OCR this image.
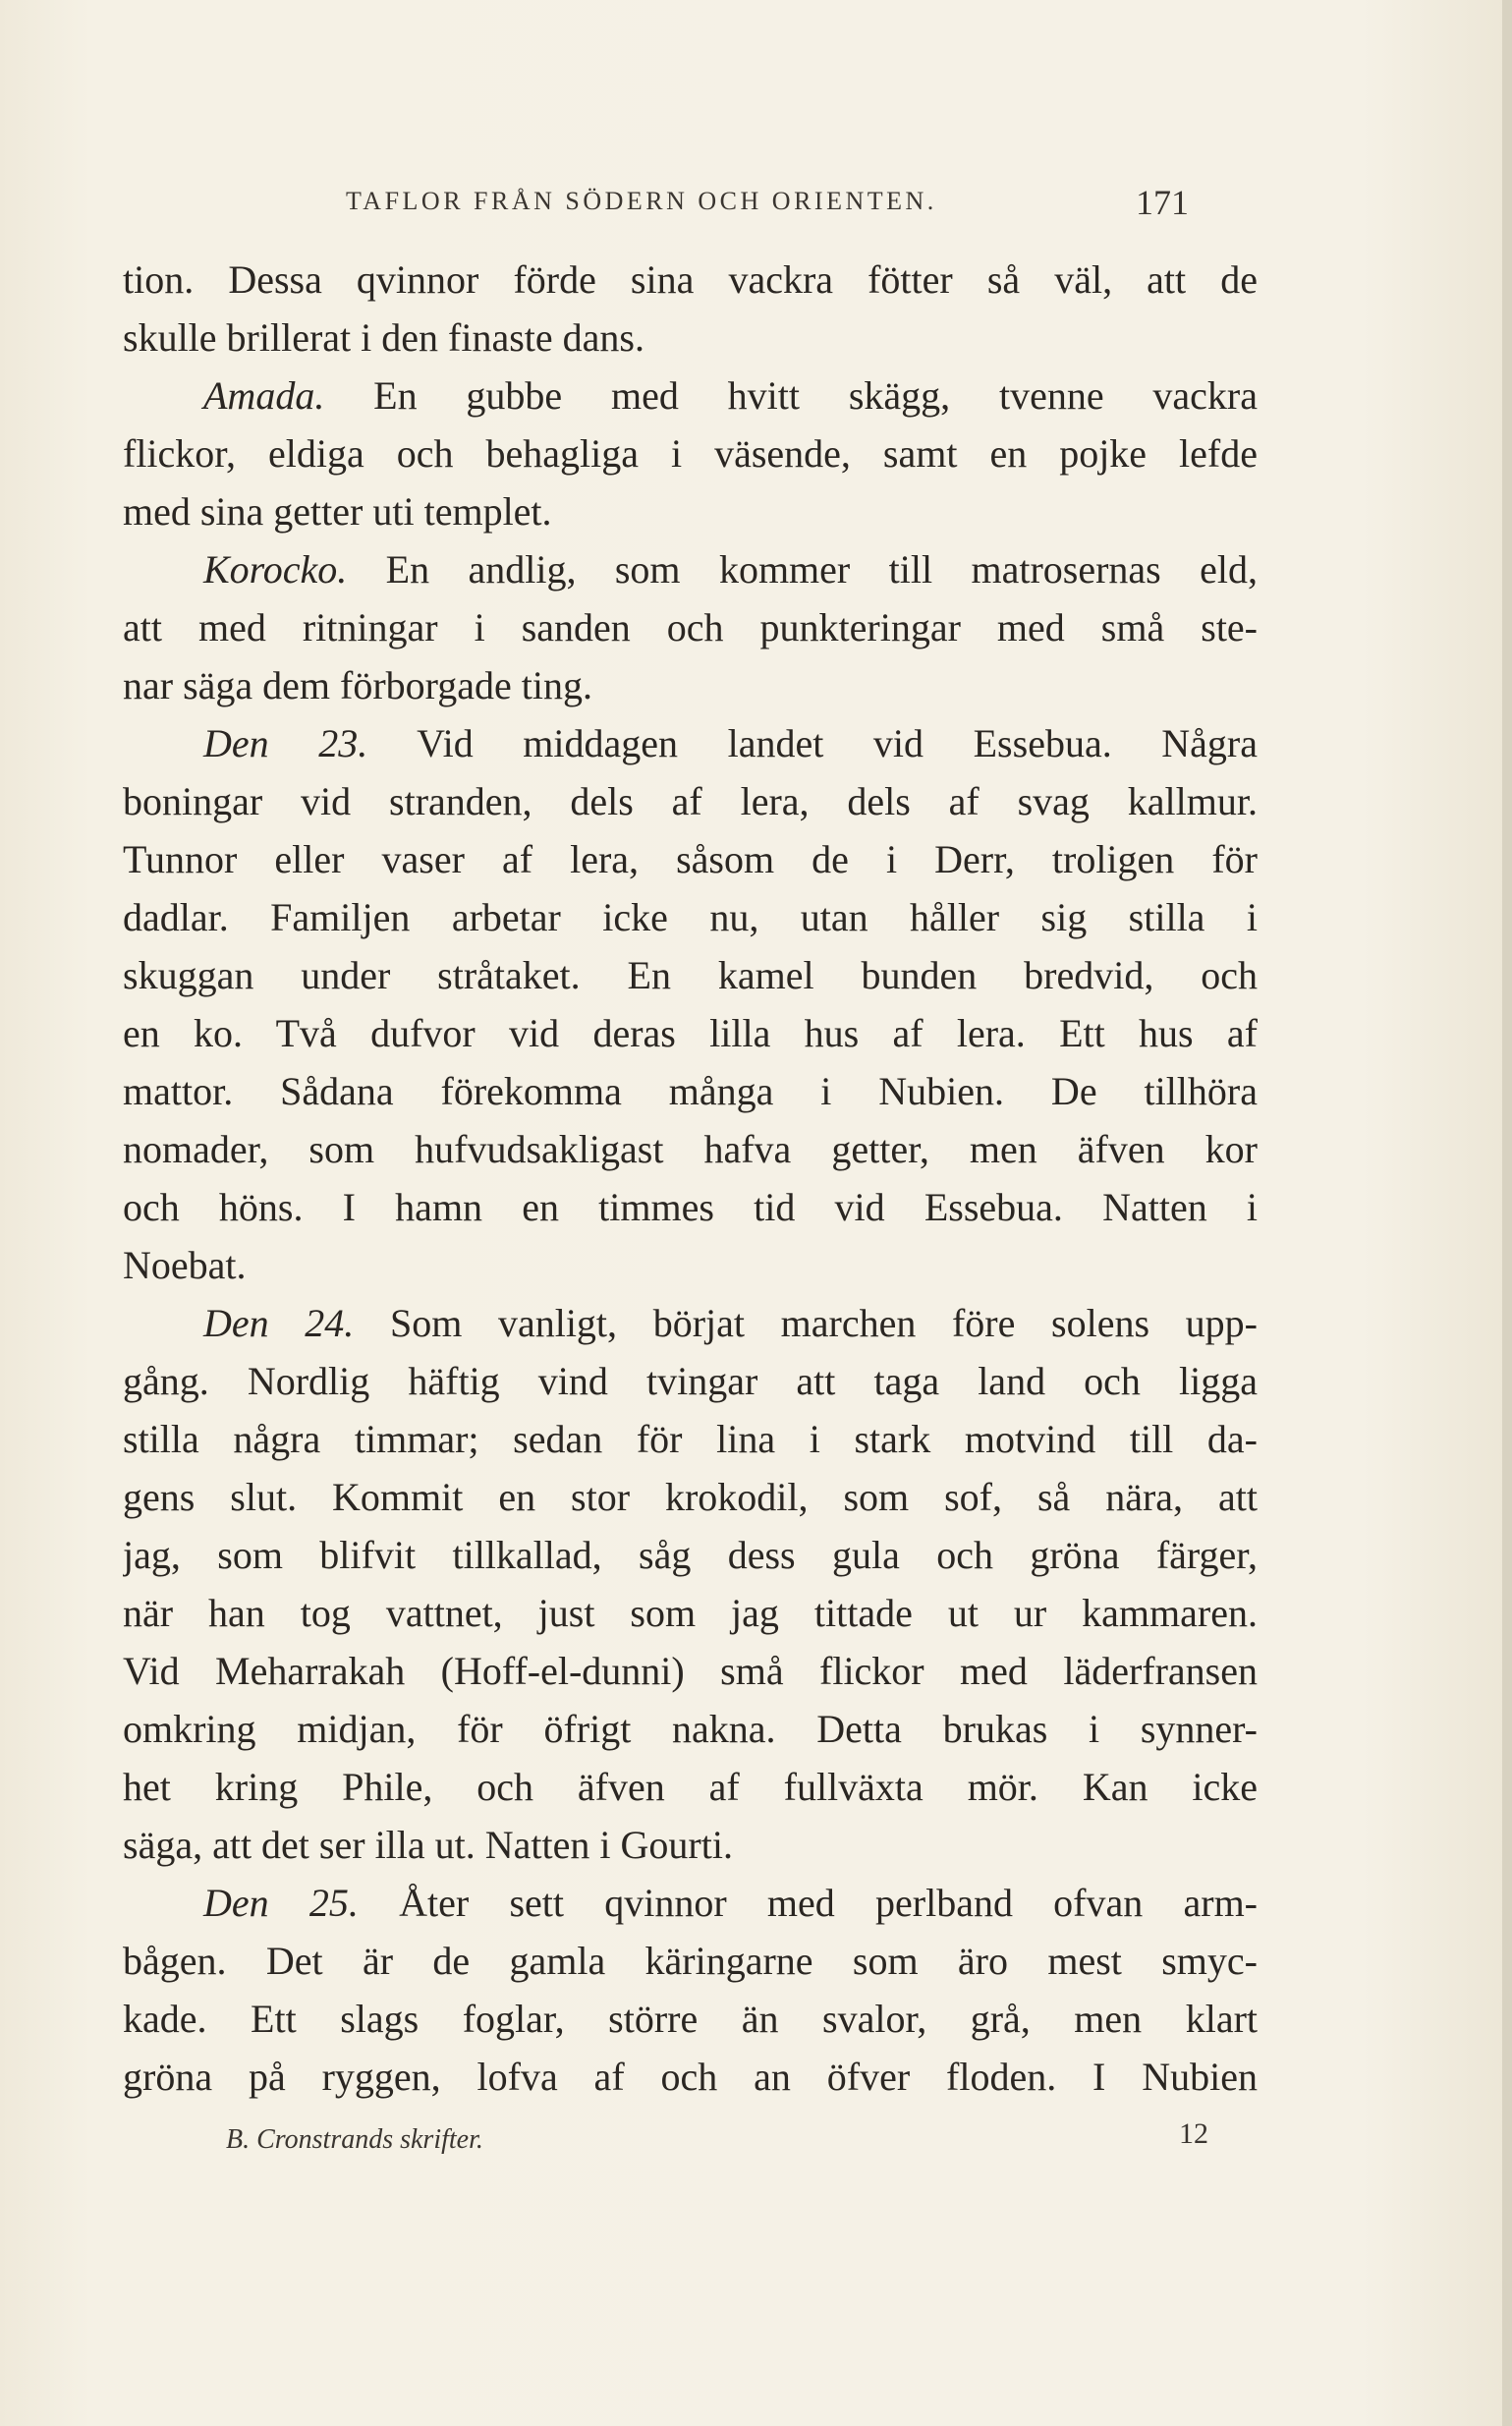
TAFLOR FRÅN SÖDERN OCH ORIENTEN.	171
tion. Dessa qvinnor förde sina vackra fötter så väl, att de
skulle brillerat i den finaste dans.
Amada. En gubbe med hvitt skägg, tvenne vackra
flickor, eldiga och behagliga i väsende, samt en pojke lefde
med sina getter uti templet.
Korocko. En andlig, som kommer till matrosernas eld,
att med ritningar i sanden och punkteringar med små ste-
nar säga dem förborgade ting.
Den 23. Vid middagen landet vid Essebua. Några
boningar vid stranden, dels af lera, dels af svag kallmur.
Tunnor eller vaser af lera, såsom de i Derr, troligen för
dadlar. Familjen arbetar icke nu, utan håller sig stilla i
skuggan under stråtaket. En kamel bunden bredvid, och
en ko. Två dufvor vid deras lilla hus af lera. Ett hus af
mattor. Sådana förekomma många i Nubien. De tillhöra
nomader, som hufvudsakligast hafva getter, men äfven kor
och höns. I hamn en timmes tid vid Essebua. Natten i
Noebat.
Den 24. Som vanligt, börjat marchen före solens upp-
gång. Nordlig häftig vind tvingar att taga land och ligga
stilla några timmar; sedan för lina i stark motvind till da-
gens slut. Kommit en stor krokodil, som sof, så nära, att
jag, som blifvit tillkallad, såg dess gula och gröna färger,
när han tog vattnet, just som jag tittade ut ur kammaren.
Vid Meharrakah (Hoff-el-dunni) små flickor med läderfransen
omkring midjan, för öfrigt nakna. Detta brukas i synner-
het kring Phile, och äfven af fullväxta mör. Kan icke
säga, att det ser illa ut. Natten i Gourti.
Den 25. Åter sett qvinnor med perlband ofvan arm-
bågen. Det är de gamla käringarne som äro mest smyc-
kade. Ett slags foglar, större än svalor, grå, men klart
gröna på ryggen, lofva af och an öfver floden. I Nubien
B. Cronstrands skrifter.	12
